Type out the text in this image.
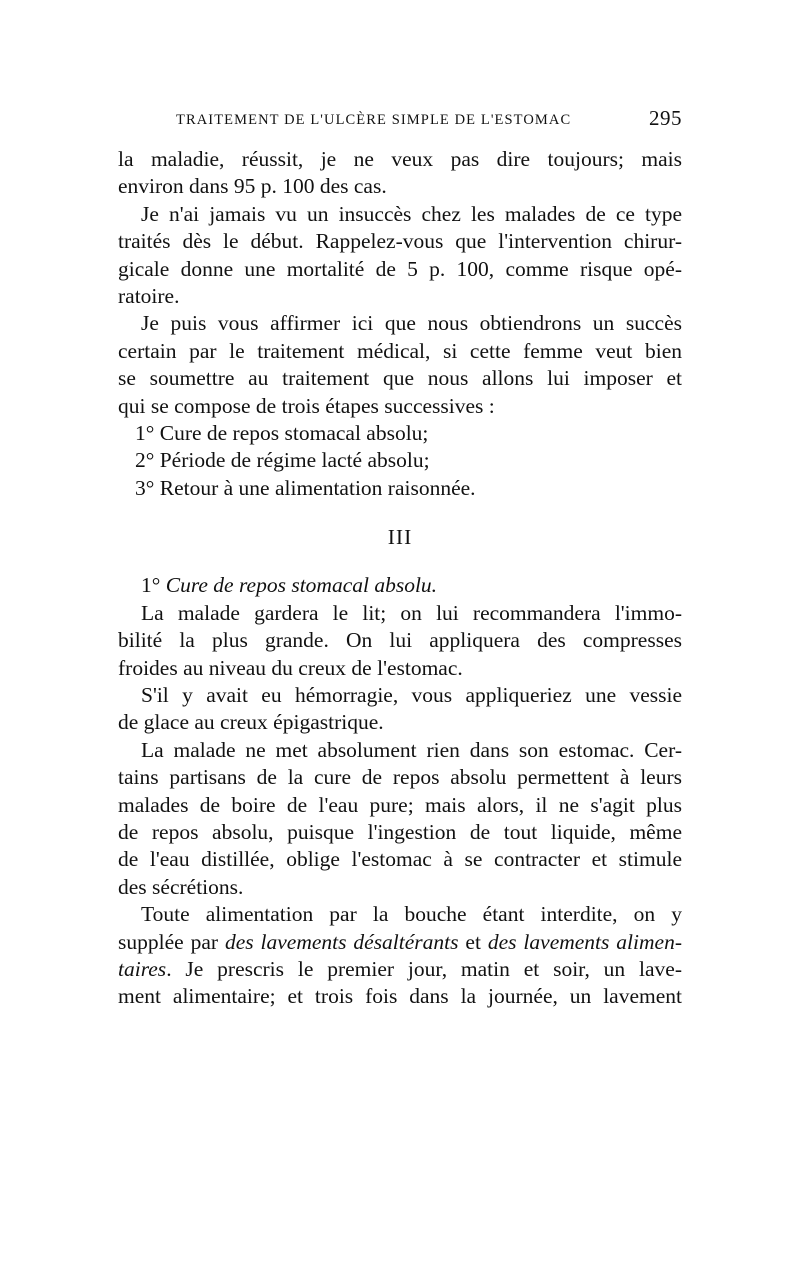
TRAITEMENT DE L'ULCÈRE SIMPLE DE L'ESTOMAC	295
la maladie, réussit, je ne veux pas dire toujours; mais
environ dans 95 p. 100 des cas.
Je n'ai jamais vu un insuccès chez les malades de ce type
traités dès le début. Rappelez-vous que l'intervention chirur-
gicale donne une mortalité de 5 p. 100, comme risque opé-
ratoire.
Je puis vous affirmer ici que nous obtiendrons un succès
certain par le traitement médical, si cette femme veut bien
se soumettre au traitement que nous allons lui imposer et
qui se compose de trois étapes successives :
1° Cure de repos stomacal absolu;
2° Période de régime lacté absolu;
3° Retour à une alimentation raisonnée.
III
1° Cure de repos stomacal absolu.
La malade gardera le lit; on lui recommandera l'immo-
bilité la plus grande. On lui appliquera des compresses
froides au niveau du creux de l'estomac.
S'il y avait eu hémorragie, vous appliqueriez une vessie
de glace au creux épigastrique.
La malade ne met absolument rien dans son estomac. Cer-
tains partisans de la cure de repos absolu permettent à leurs
malades de boire de l'eau pure; mais alors, il ne s'agit plus
de repos absolu, puisque l'ingestion de tout liquide, même
de l'eau distillée, oblige l'estomac à se contracter et stimule
des sécrétions.
Toute alimentation par la bouche étant interdite, on y
supplée par des lavements désaltérants et des lavements alimen-
taires. Je prescris le premier jour, matin et soir, un lave-
ment alimentaire; et trois fois dans la journée, un lavement
